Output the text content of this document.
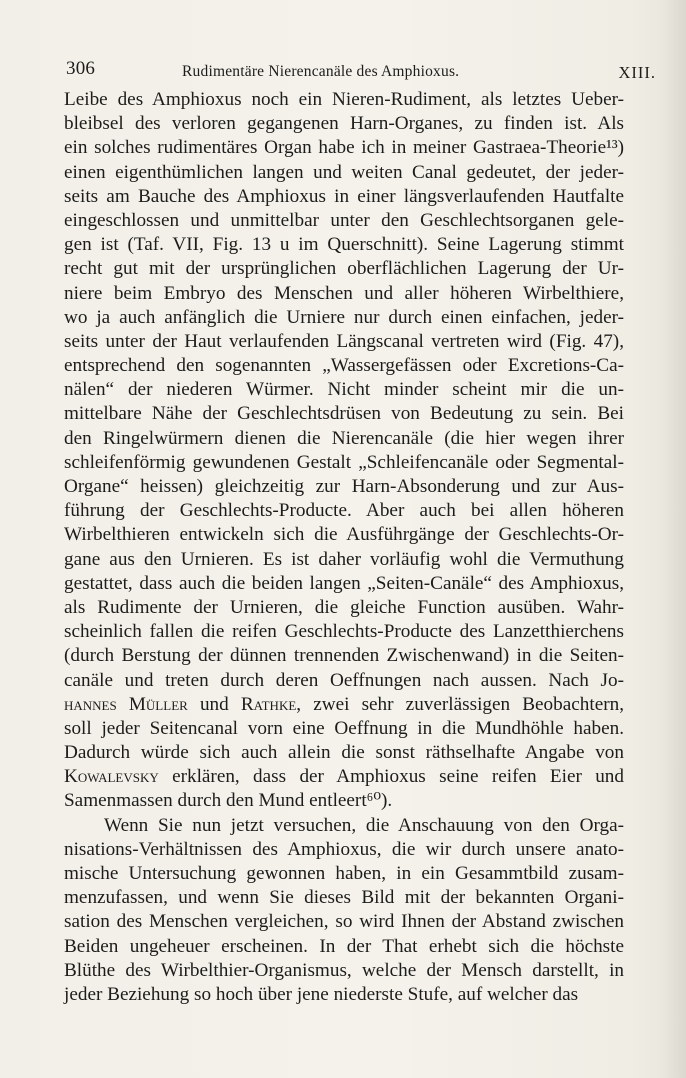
306	Rudimentäre Nierencanäle des Amphioxus.	XIII.
Leibe des Amphioxus noch ein Nieren-Rudiment, als letztes Ueber-
bleibsel des verloren gegangenen Harn-Organes, zu finden ist. Als
ein solches rudimentäres Organ habe ich in meiner Gastraea-Theorie¹³)
einen eigenthümlichen langen und weiten Canal gedeutet, der jeder-
seits am Bauche des Amphioxus in einer längsverlaufenden Hautfalte
eingeschlossen und unmittelbar unter den Geschlechtsorganen gele-
gen ist (Taf. VII, Fig. 13 u im Querschnitt). Seine Lagerung stimmt
recht gut mit der ursprünglichen oberflächlichen Lagerung der Ur-
niere beim Embryo des Menschen und aller höheren Wirbelthiere,
wo ja auch anfänglich die Urniere nur durch einen einfachen, jeder-
seits unter der Haut verlaufenden Längscanal vertreten wird (Fig. 47),
entsprechend den sogenannten „Wassergefässen oder Excretions-Ca-
nälen“ der niederen Würmer. Nicht minder scheint mir die un-
mittelbare Nähe der Geschlechtsdrüsen von Bedeutung zu sein. Bei
den Ringelwürmern dienen die Nierencanäle (die hier wegen ihrer
schleifenförmig gewundenen Gestalt „Schleifencanäle oder Segmental-
Organe“ heissen) gleichzeitig zur Harn-Absonderung und zur Aus-
führung der Geschlechts-Producte. Aber auch bei allen höheren
Wirbelthieren entwickeln sich die Ausführgänge der Geschlechts-Or-
gane aus den Urnieren. Es ist daher vorläufig wohl die Vermuthung
gestattet, dass auch die beiden langen „Seiten-Canäle“ des Amphioxus,
als Rudimente der Urnieren, die gleiche Function ausüben. Wahr-
scheinlich fallen die reifen Geschlechts-Producte des Lanzetthierchens
(durch Berstung der dünnen trennenden Zwischenwand) in die Seiten-
canäle und treten durch deren Oeffnungen nach aussen. Nach Jo-
hannes Müller und Rathke, zwei sehr zuverlässigen Beobachtern,
soll jeder Seitencanal vorn eine Oeffnung in die Mundhöhle haben.
Dadurch würde sich auch allein die sonst räthselhafte Angabe von
Kowalevsky erklären, dass der Amphioxus seine reifen Eier und
Samenmassen durch den Mund entleert⁶⁰).
Wenn Sie nun jetzt versuchen, die Anschauung von den Orga-
nisations-Verhältnissen des Amphioxus, die wir durch unsere anato-
mische Untersuchung gewonnen haben, in ein Gesammtbild zusam-
menzufassen, und wenn Sie dieses Bild mit der bekannten Organi-
sation des Menschen vergleichen, so wird Ihnen der Abstand zwischen
Beiden ungeheuer erscheinen. In der That erhebt sich die höchste
Blüthe des Wirbelthier-Organismus, welche der Mensch darstellt, in
jeder Beziehung so hoch über jene niederste Stufe, auf welcher das
